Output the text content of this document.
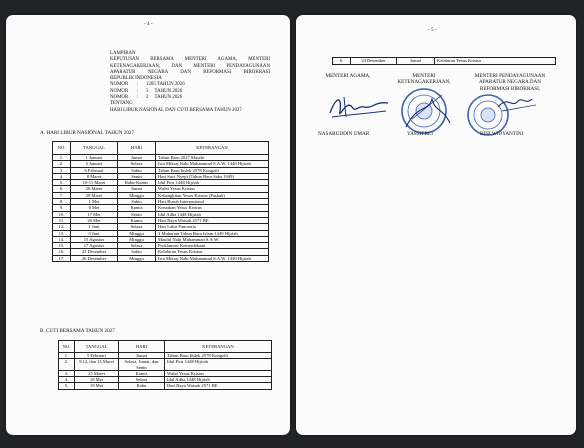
- 4 -
LAMPIRAN
KEPUTUSAN BERSAMA MENTERI AGAMA, MENTERI
KETENAGAKERJAAN, DAN MENTERI PENDAYAGUNAAN
APARATUR NEGARA DAN REFORMASI BIROKRASI
REPUBLIK INDONESIA
NOMOR : 1205 TAHUN 2026
NOMOR : 3     TAHUN 2026
NOMOR : 2     TAHUN 2026
TENTANG
HARI LIBUR NASIONAL DAN CUTI BERSAMA TAHUN 2027
A. HARI LIBUR NASIONAL TAHUN 2027
NO.	TANGGAL	HARI	KETERANGAN
1.	1 Januari	Jumat	Tahun Baru 2027 Masehi
2.	5 Januari	Selasa	Isra Mikraj Nabi Muhammad S.A.W. 1448 Hijriah
3.	6 Februari	Sabtu	Tahun Baru Imlek 2578 Kongzili
4.	8 Maret	Senin	Hari Suci Nyepi (Tahun Baru Saka 1949)
5.	10-11 Maret	Rabu-Kamis	Idul Fitri 1448 Hijriah
6.	26 Maret	Jumat	Wafat Yesus Kristus
7.	28 Maret	Minggu	Kebangkitan Yesus Kristus (Paskah)
8.	1 Mei	Sabtu	Hari Buruh Internasional
9.	6 Mei	Kamis	Kenaikan Yesus Kristus
10.	17 Mei	Senin	Idul Adha 1448 Hijriah
11.	20 Mei	Kamis	Hari Raya Waisak 2571 BE
12.	1 Juni	Selasa	Hari Lahir Pancasila
13.	5 Juni	Minggu	1 Muharam Tahun Baru Islam 1449 Hijriah
14.	15 Agustus	Minggu	Maulid Nabi Muhammad S.A.W.
15.	17 Agustus	Selasa	Proklamasi Kemerdekaan
16.	25 Desember	Sabtu	Kelahiran Yesus Kristus
17.	26 Desember	Minggu	Isra Mikraj Nabi Muhammad S.A.W. 1449 Hijriah
B. CUTI BERSAMA TAHUN 2027
NO.	TANGGAL	HARI	KETERANGAN
1.	5 Februari	Jumat	Tahun Baru Imlek 2578 Kongzili
2.	9,12, dan 15 Maret	Selasa, Jumat, dan Senin	Idul Fitri 1448 Hijriah
3.	25 Maret	Kamis	Wafat Yesus Kristus
4.	18 Mei	Selasa	Idul Adha 1448 Hijriah
5.	19 Mei	Rabu	Hari Raya Waisak 2571 BE
- 5 -
6.	24 Desember	Jumat	Kelahiran Yesus Kristus
MENTERI AGAMA,
NASARUDDIN UMAR
MENTERI
KETENAGAKERJAAN,
YASSIERLI
MENTERI PENDAYAGUNAAN
APARATUR NEGARA DAN
REFORMASI BIROKRASI,
RINI WIDYANTINI
